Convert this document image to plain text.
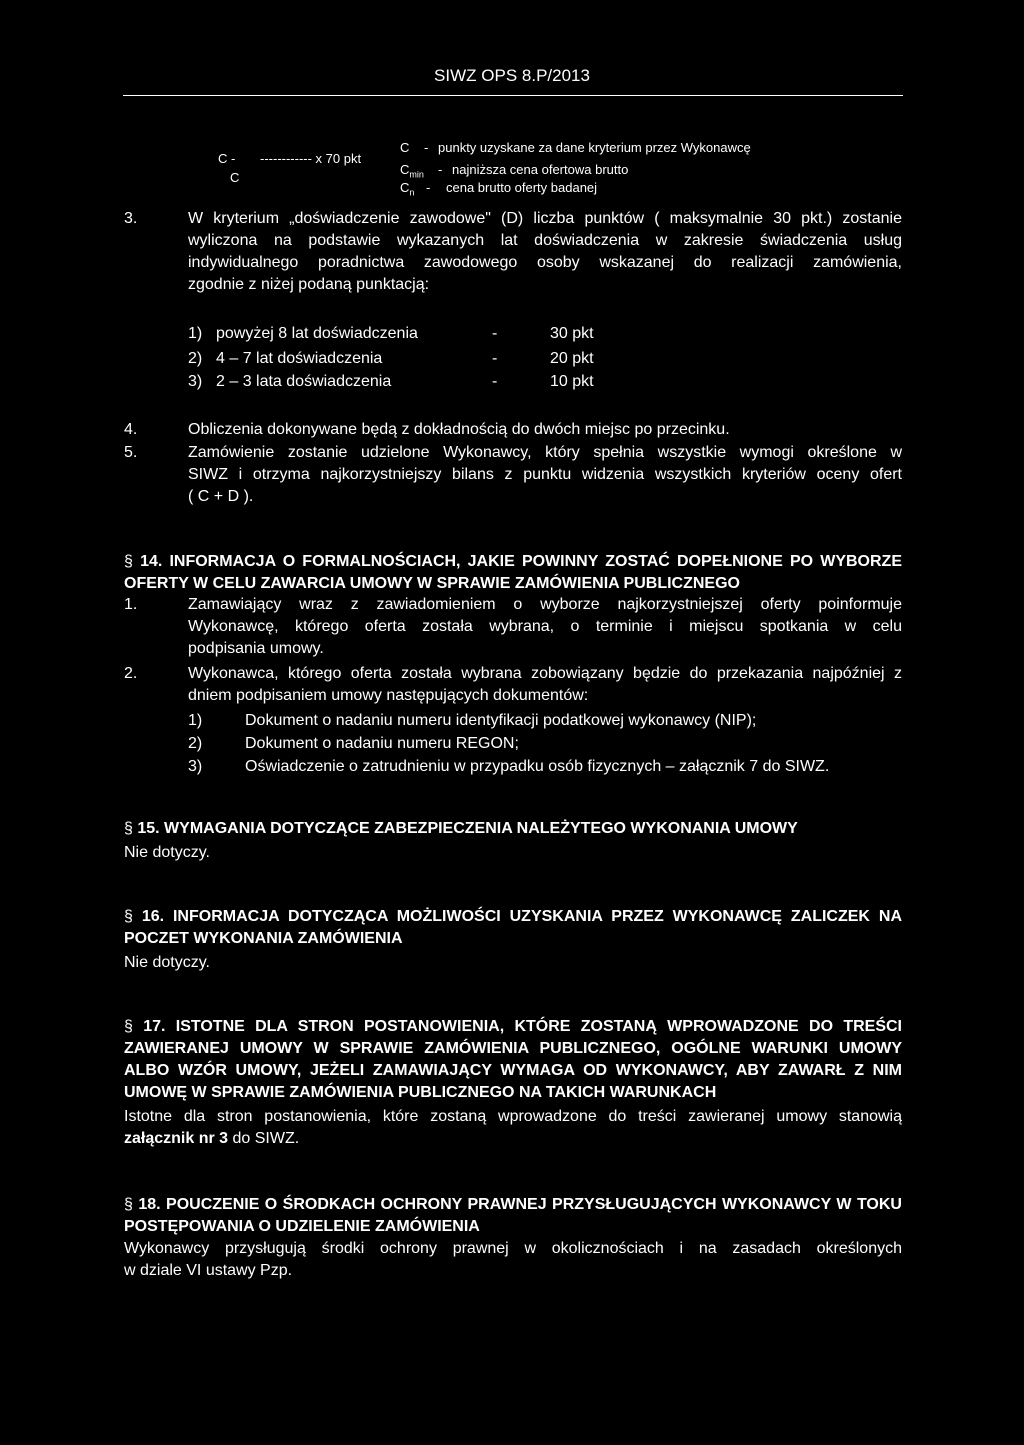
SIWZ OPS 8.P/2013
C - ------------ x 70 pkt
C
C - punkty uzyskane za dane kryterium przez Wykonawcę
$C_{min}$ - najniższa cena ofertowa brutto
$C_n$ - cena brutto oferty badanej
3.	W kryterium „doświadczenie zawodowe" (D) liczba punktów ( maksymalnie 30 pkt.) zostanie
wyliczona na podstawie wykazanych lat doświadczenia w zakresie świadczenia usług
indywidualnego poradnictwa zawodowego osoby wskazanej do realizacji zamówienia,
zgodnie z niżej podaną punktacją:
1) powyżej 8 lat doświadczenia	-	30 pkt
2) 4 – 7 lat doświadczenia	-	20 pkt
3) 2 – 3 lata doświadczenia	-	10 pkt
4.	Obliczenia dokonywane będą z dokładnością do dwóch miejsc po przecinku.
5.	Zamówienie zostanie udzielone Wykonawcy, który spełnia wszystkie wymogi określone w
SIWZ i otrzyma najkorzystniejszy bilans z punktu widzenia wszystkich kryteriów oceny ofert
( C + D ).
§ 14. INFORMACJA O FORMALNOŚCIACH, JAKIE POWINNY ZOSTAĆ DOPEŁNIONE PO WYBORZE
OFERTY W CELU ZAWARCIA UMOWY W SPRAWIE ZAMÓWIENIA PUBLICZNEGO
1.	Zamawiający wraz z zawiadomieniem o wyborze najkorzystniejszej oferty poinformuje
Wykonawcę, którego oferta została wybrana, o terminie i miejscu spotkania w celu
podpisania umowy.
2.	Wykonawca, którego oferta została wybrana zobowiązany będzie do przekazania najpóźniej z
dniem podpisaniem umowy następujących dokumentów:
1)	Dokument o nadaniu numeru identyfikacji podatkowej wykonawcy (NIP);
2)	Dokument o nadaniu numeru REGON;
3)	Oświadczenie o zatrudnieniu w przypadku osób fizycznych – załącznik 7 do SIWZ.
§ 15. WYMAGANIA DOTYCZĄCE ZABEZPIECZENIA NALEŻYTEGO WYKONANIA UMOWY
Nie dotyczy.
§ 16. INFORMACJA DOTYCZĄCA MOŻLIWOŚCI UZYSKANIA PRZEZ WYKONAWCĘ ZALICZEK NA
POCZET WYKONANIA ZAMÓWIENIA
Nie dotyczy.
§ 17. ISTOTNE DLA STRON POSTANOWIENIA, KTÓRE ZOSTANĄ WPROWADZONE DO TREŚCI
ZAWIERANEJ UMOWY W SPRAWIE ZAMÓWIENIA PUBLICZNEGO, OGÓLNE WARUNKI UMOWY
ALBO WZÓR UMOWY, JEŻELI ZAMAWIAJĄCY WYMAGA OD WYKONAWCY, ABY ZAWARŁ Z NIM
UMOWĘ W SPRAWIE ZAMÓWIENIA PUBLICZNEGO NA TAKICH WARUNKACH
Istotne dla stron postanowienia, które zostaną wprowadzone do treści zawieranej umowy stanowią
załącznik nr 3 do SIWZ.
§ 18. POUCZENIE O ŚRODKACH OCHRONY PRAWNEJ PRZYSŁUGUJĄCYCH WYKONAWCY W TOKU
POSTĘPOWANIA O UDZIELENIE ZAMÓWIENIA
Wykonawcy przysługują środki ochrony prawnej w okolicznościach i na zasadach określonych
w dziale VI ustawy Pzp.
